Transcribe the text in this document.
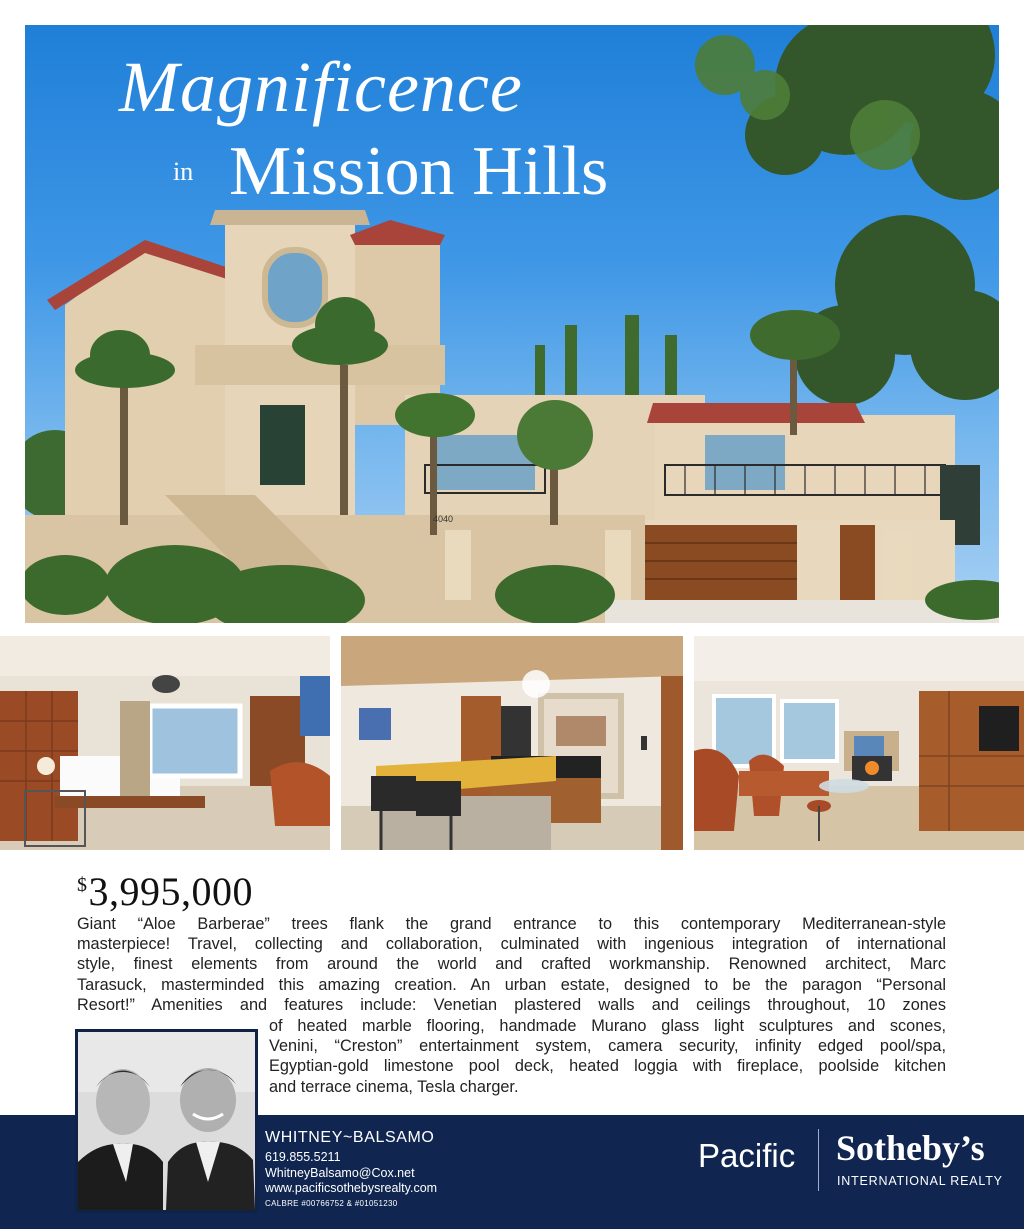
4040
Magnificence
in Mission Hills
$3,995,000
Giant “Aloe Barberae” trees flank the grand entrance to this contemporary Mediterranean-style
masterpiece! Travel, collecting and collaboration, culminated with ingenious integration of international
style, finest elements from around the world and crafted workmanship. Renowned architect, Marc
Tarasuck, masterminded this amazing creation. An urban estate, designed to be the paragon “Personal
Resort!” Amenities and features include: Venetian plastered walls and ceilings throughout, 10 zones
of heated marble flooring, handmade Murano glass light sculptures and scones,
Venini, “Creston” entertainment system, camera security, infinity edged pool/spa,
Egyptian-gold limestone pool deck, heated loggia with fireplace, poolside kitchen
and terrace cinema, Tesla charger.
WHITNEY~BALSAMO
619.855.5211
WhitneyBalsamo@Cox.net
www.pacificsothebysrealty.com
CALBRE #00766752 & #01051230
Pacific Sotheby’s
INTERNATIONAL REALTY
